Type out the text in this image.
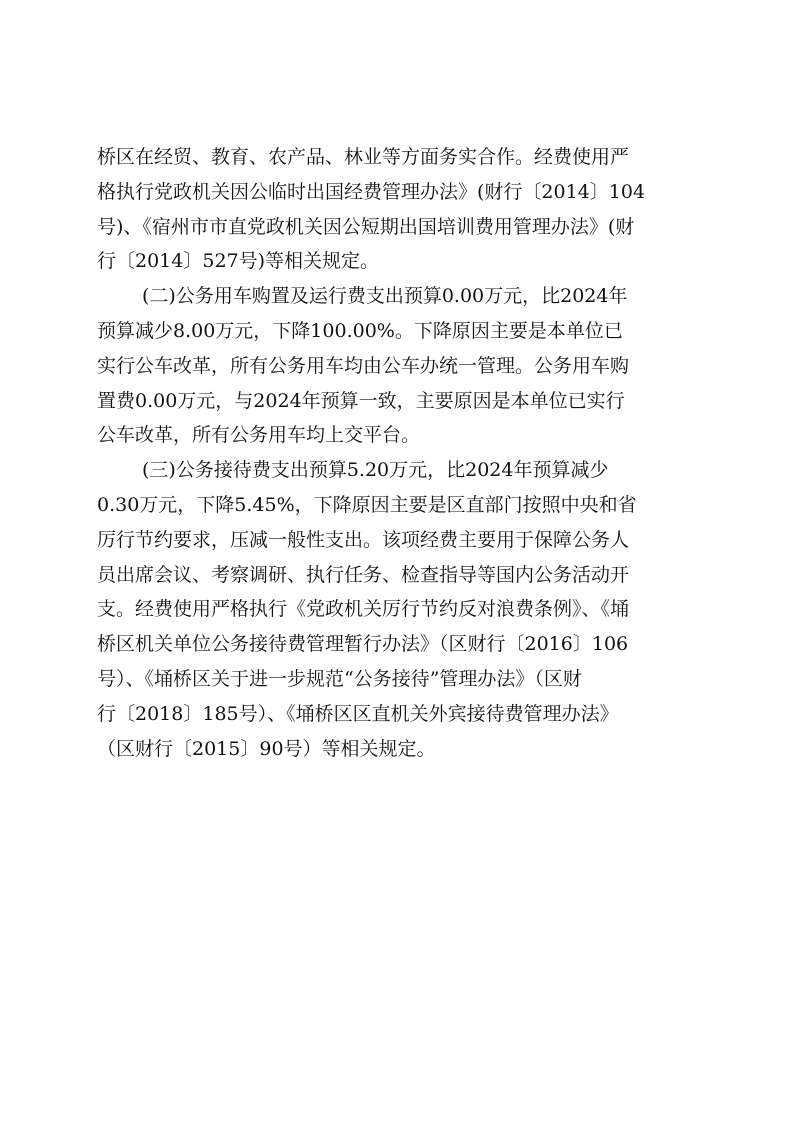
桥区在经贸、教育、农产品、林业等方面务实合作。经费使用严
格执行党政机关因公临时出国经费管理办法》(财行〔2014〕104
号)、《宿州市市直党政机关因公短期出国培训费用管理办法》(财
行〔2014〕527号)等相关规定。
(二)公务用车购置及运行费支出预算0.00万元，比2024年
预算减少8.00万元，下降100.00%。下降原因主要是本单位已
实行公车改革，所有公务用车均由公车办统一管理。公务用车购
置费0.00万元，与2024年预算一致，主要原因是本单位已实行
公车改革，所有公务用车均上交平台。
(三)公务接待费支出预算5.20万元，比2024年预算减少
0.30万元，下降5.45%，下降原因主要是区直部门按照中央和省
厉行节约要求，压减一般性支出。该项经费主要用于保障公务人
员出席会议、考察调研、执行任务、检查指导等国内公务活动开
支。经费使用严格执行《党政机关厉行节约反对浪费条例》、《埇
桥区机关单位公务接待费管理暂行办法》（区财行〔2016〕106
号）、《埇桥区关于进一步规范“公务接待”管理办法》（区财
行〔2018〕185号）、《埇桥区区直机关外宾接待费管理办法》
（区财行〔2015〕90号）等相关规定。
